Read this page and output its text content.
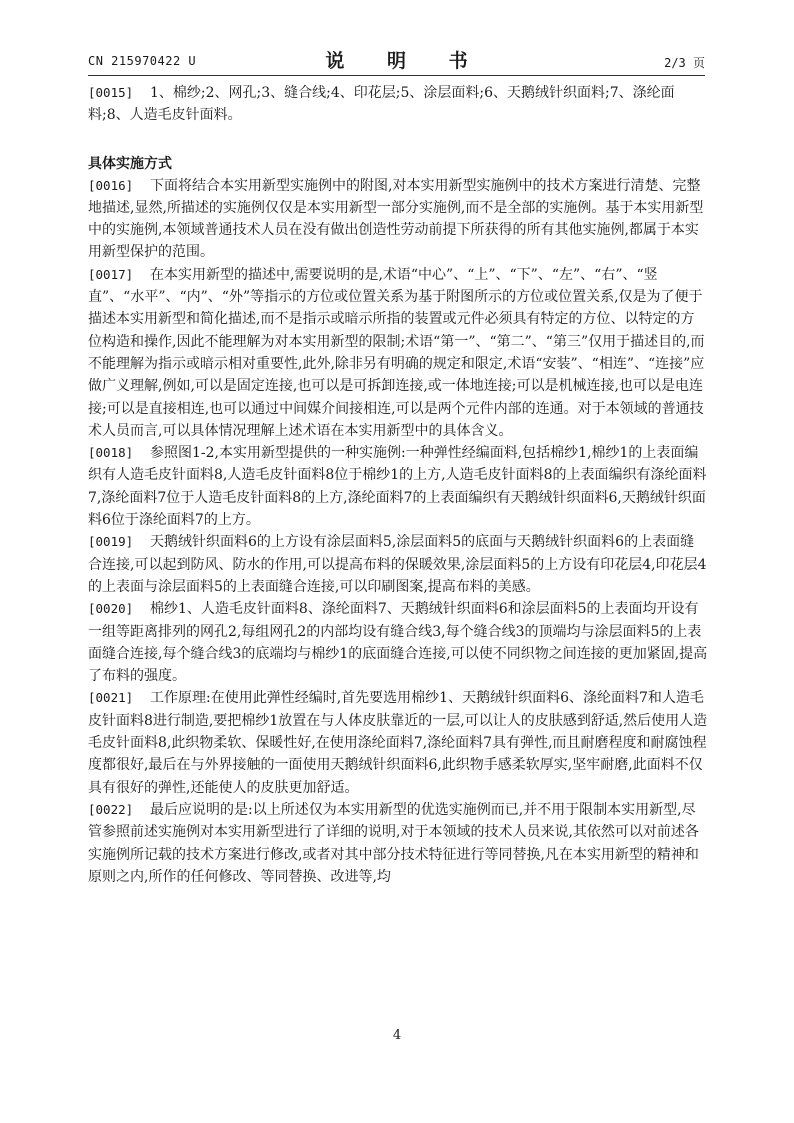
CN 215970422 U	说 明 书	2/3 页

[0015] 1、棉纱;2、网孔;3、缝合线;4、印花层;5、涂层面料;6、天鹅绒针织面料;7、涤纶面料;8、人造毛皮针面料。

具体实施方式

[0016] 下面将结合本实用新型实施例中的附图,对本实用新型实施例中的技术方案进行清楚、完整地描述,显然,所描述的实施例仅仅是本实用新型一部分实施例,而不是全部的实施例。基于本实用新型中的实施例,本领域普通技术人员在没有做出创造性劳动前提下所获得的所有其他实施例,都属于本实用新型保护的范围。

[0017] 在本实用新型的描述中,需要说明的是,术语“中心”、“上”、“下”、“左”、“右”、“竖直”、“水平”、“内”、“外”等指示的方位或位置关系为基于附图所示的方位或位置关系,仅是为了便于描述本实用新型和简化描述,而不是指示或暗示所指的装置或元件必须具有特定的方位、以特定的方位构造和操作,因此不能理解为对本实用新型的限制;术语“第一”、“第二”、“第三”仅用于描述目的,而不能理解为指示或暗示相对重要性,此外,除非另有明确的规定和限定,术语“安装”、“相连”、“连接”应做广义理解,例如,可以是固定连接,也可以是可拆卸连接,或一体地连接;可以是机械连接,也可以是电连接;可以是直接相连,也可以通过中间媒介间接相连,可以是两个元件内部的连通。对于本领域的普通技术人员而言,可以具体情况理解上述术语在本实用新型中的具体含义。

[0018] 参照图1-2,本实用新型提供的一种实施例:一种弹性经编面料,包括棉纱1,棉纱1的上表面编织有人造毛皮针面料8,人造毛皮针面料8位于棉纱1的上方,人造毛皮针面料8的上表面编织有涤纶面料7,涤纶面料7位于人造毛皮针面料8的上方,涤纶面料7的上表面编织有天鹅绒针织面料6,天鹅绒针织面料6位于涤纶面料7的上方。

[0019] 天鹅绒针织面料6的上方设有涂层面料5,涂层面料5的底面与天鹅绒针织面料6的上表面缝合连接,可以起到防风、防水的作用,可以提高布料的保暖效果,涂层面料5的上方设有印花层4,印花层4的上表面与涂层面料5的上表面缝合连接,可以印刷图案,提高布料的美感。

[0020] 棉纱1、人造毛皮针面料8、涤纶面料7、天鹅绒针织面料6和涂层面料5的上表面均开设有一组等距离排列的网孔2,每组网孔2的内部均设有缝合线3,每个缝合线3的顶端均与涂层面料5的上表面缝合连接,每个缝合线3的底端均与棉纱1的底面缝合连接,可以使不同织物之间连接的更加紧固,提高了布料的强度。

[0021] 工作原理:在使用此弹性经编时,首先要选用棉纱1、天鹅绒针织面料6、涤纶面料7和人造毛皮针面料8进行制造,要把棉纱1放置在与人体皮肤靠近的一层,可以让人的皮肤感到舒适,然后使用人造毛皮针面料8,此织物柔软、保暖性好,在使用涤纶面料7,涤纶面料7具有弹性,而且耐磨程度和耐腐蚀程度都很好,最后在与外界接触的一面使用天鹅绒针织面料6,此织物手感柔软厚实,坚牢耐磨,此面料不仅具有很好的弹性,还能使人的皮肤更加舒适。

[0022] 最后应说明的是:以上所述仅为本实用新型的优选实施例而已,并不用于限制本实用新型,尽管参照前述实施例对本实用新型进行了详细的说明,对于本领域的技术人员来说,其依然可以对前述各实施例所记载的技术方案进行修改,或者对其中部分技术特征进行等同替换,凡在本实用新型的精神和原则之内,所作的任何修改、等同替换、改进等,均

4
